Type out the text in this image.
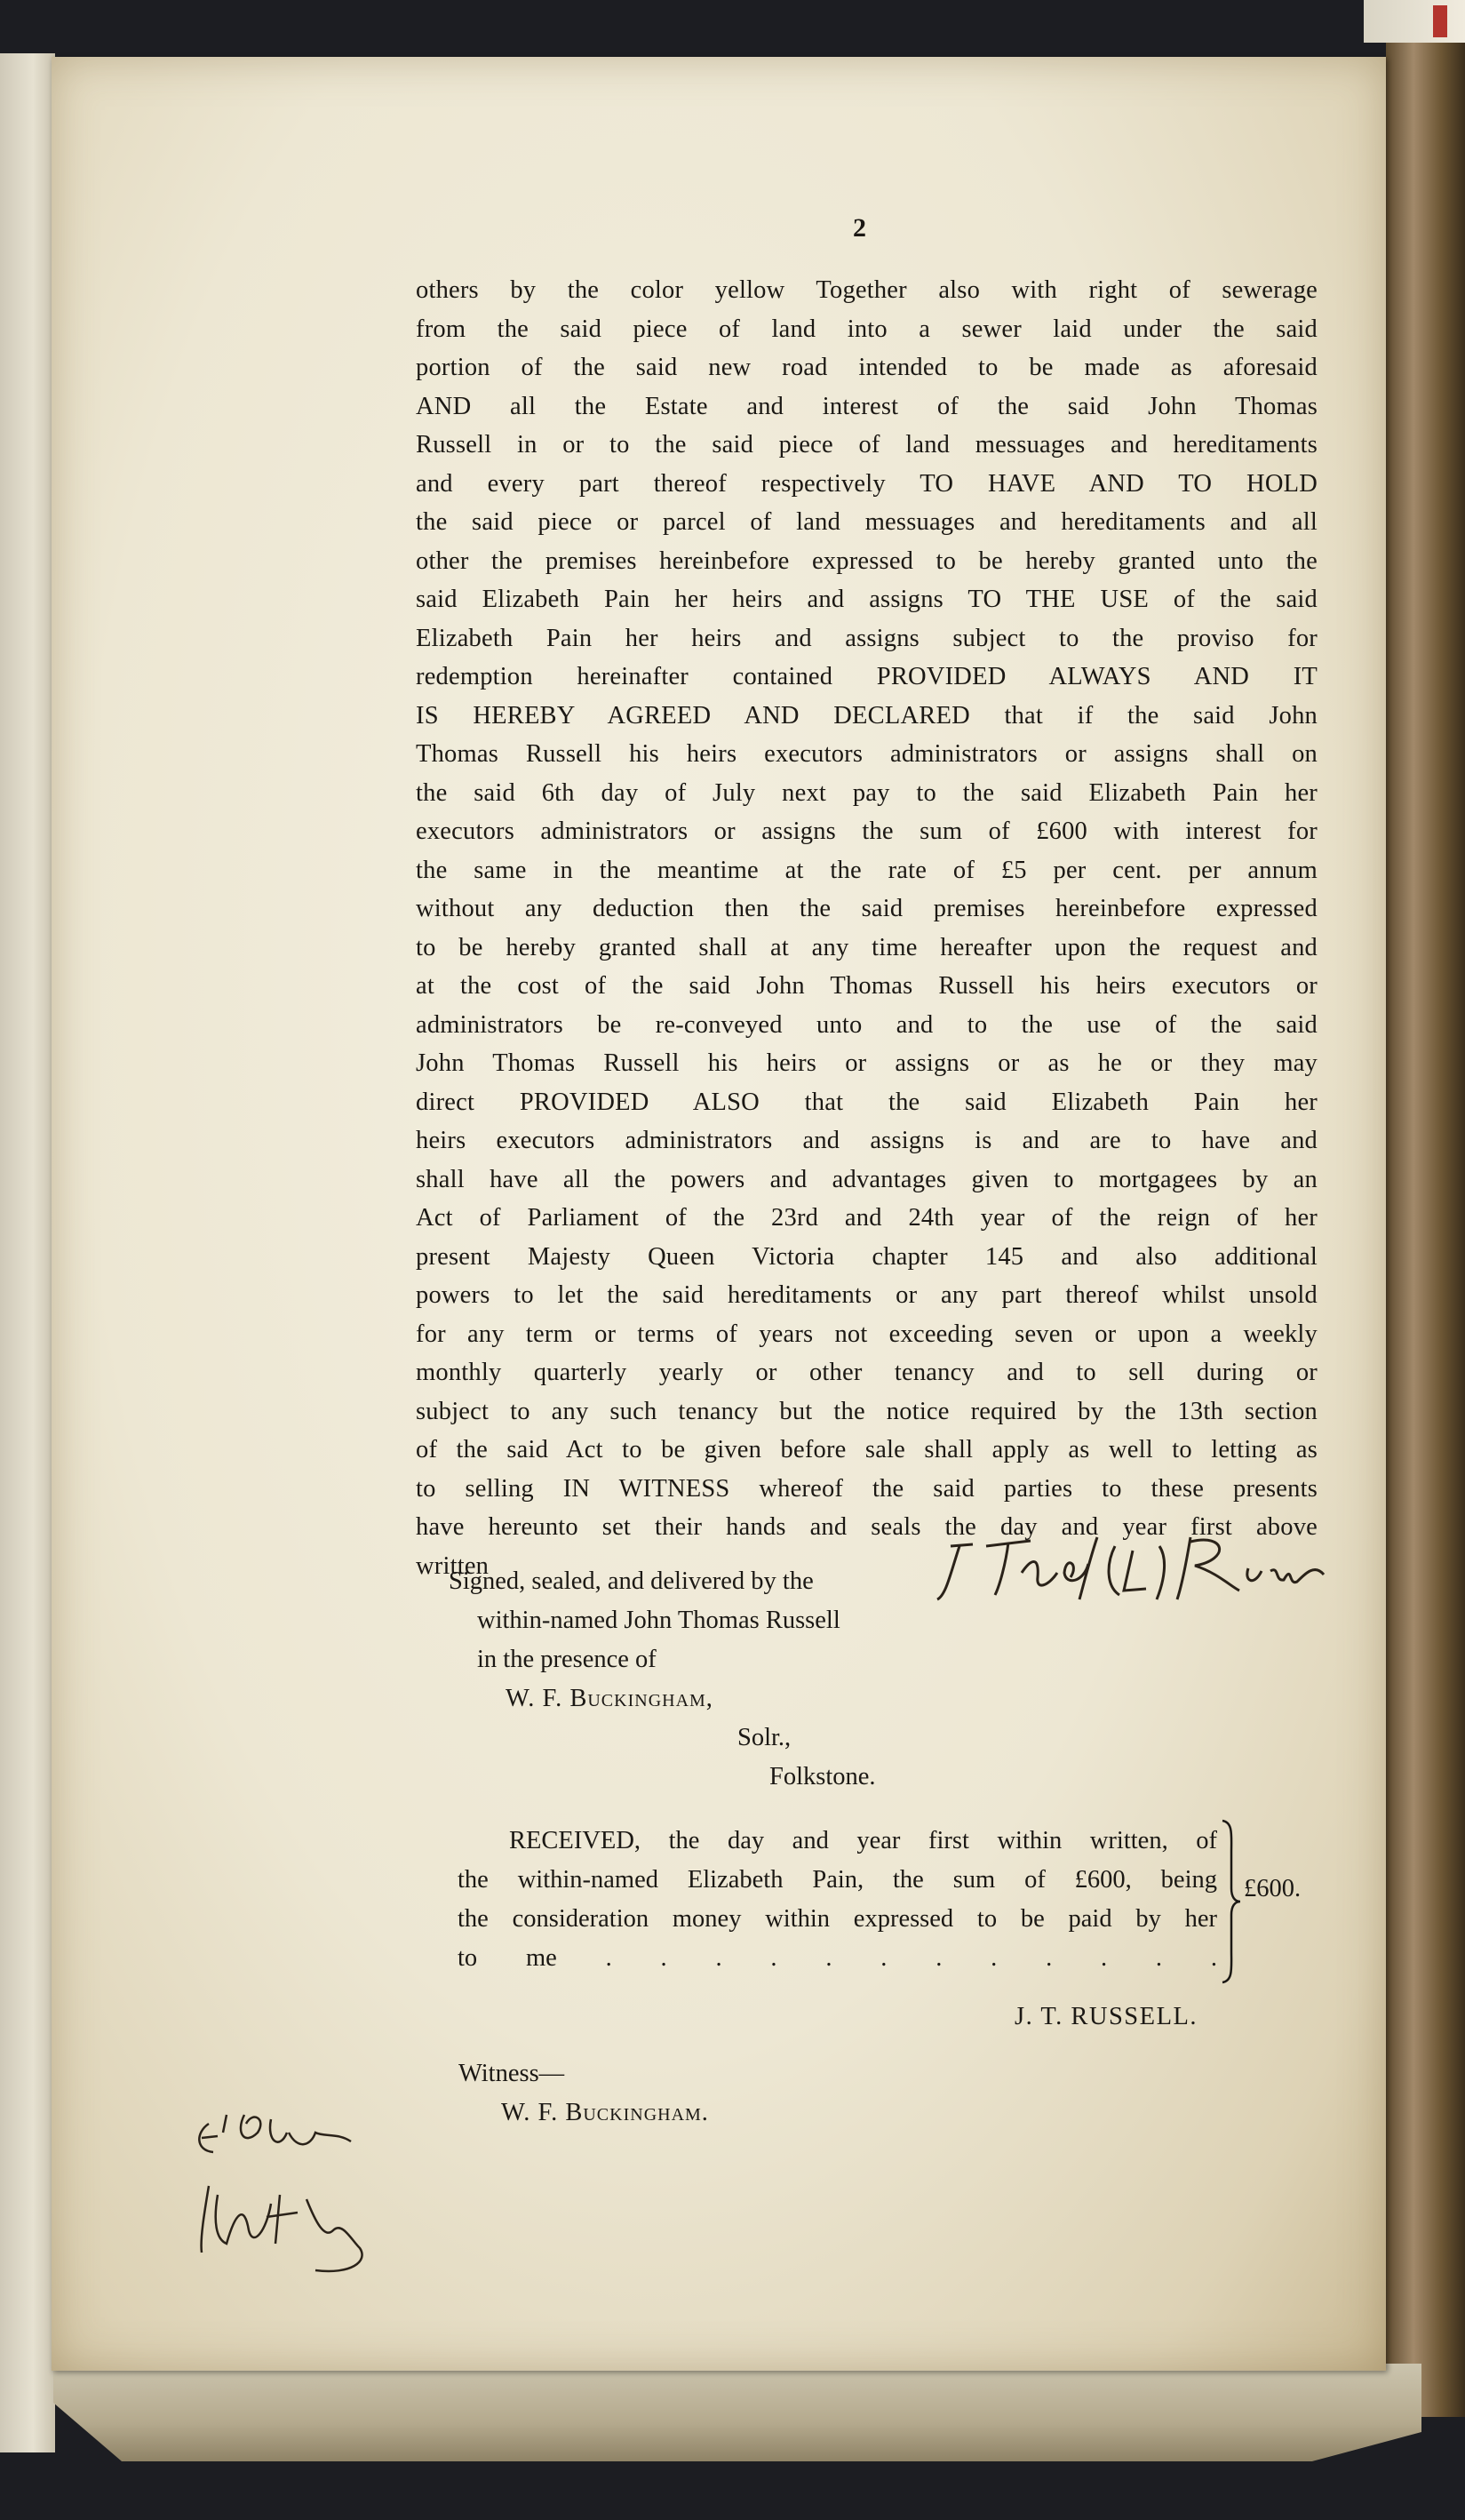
2

others by the color yellow Together also with right of sewerage

from the said piece of land into a sewer laid under the said

portion of the said new road intended to be made as aforesaid

AND all the Estate and interest of the said John Thomas

Russell in or to the said piece of land messuages and hereditaments

and every part thereof respectively TO HAVE AND TO HOLD

the said piece or parcel of land messuages and hereditaments and all

other the premises hereinbefore expressed to be hereby granted unto the

said Elizabeth Pain her heirs and assigns TO THE USE of the said

Elizabeth Pain her heirs and assigns subject to the proviso for

redemption hereinafter contained PROVIDED ALWAYS AND IT

IS HEREBY AGREED AND DECLARED that if the said John

Thomas Russell his heirs executors administrators or assigns shall on

the said 6th day of July next pay to the said Elizabeth Pain her

executors administrators or assigns the sum of £600 with interest for

the same in the meantime at the rate of £5 per cent. per annum

without any deduction then the said premises hereinbefore expressed

to be hereby granted shall at any time hereafter upon the request and

at the cost of the said John Thomas Russell his heirs executors or

administrators be re-conveyed unto and to the use of the said

John Thomas Russell his heirs or assigns or as he or they may

direct PROVIDED ALSO that the said Elizabeth Pain her

heirs executors administrators and assigns is and are to have and

shall have all the powers and advantages given to mortgagees by an

Act of Parliament of the 23rd and 24th year of the reign of her

present Majesty Queen Victoria chapter 145 and also additional

powers to let the said hereditaments or any part thereof whilst unsold

for any term or terms of years not exceeding seven or upon a weekly

monthly quarterly yearly or other tenancy and to sell during or

subject to any such tenancy but the notice required by the 13th section

of the said Act to be given before sale shall apply as well to letting as

to selling IN WITNESS whereof the said parties to these presents

have hereunto set their hands and seals the day and year first above

written

Signed, sealed, and delivered by the
within-named John Thomas Russell
in the presence of
W. F. Buckingham,
Solr.,
Folkstone.
RECEIVED, the day and year first within written, of
the within-named Elizabeth Pain, the sum of £600, being
the consideration money within expressed to be paid by her
to me . . . . . . . . . . . .
£600.
J. T. RUSSELL.
Witness—
W. F. Buckingham.
